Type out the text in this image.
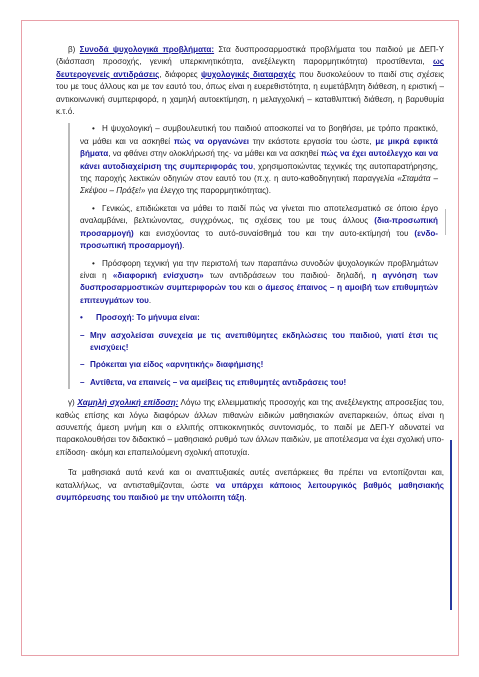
β) Συνοδά ψυχολογικά προβλήματα: Στα δυσπροσαρμοστικά προβλήματα του παιδιού με ΔΕΠ-Υ (διάσπαση προσοχής, γενική υπερκινητικότητα, ανεξέλεγκτη παρορμητικότητα) προστίθενται, ως δευτερογενείς αντιδράσεις, διάφορες ψυχολογικές διαταραχές που δυσκολεύουν το παιδί στις σχέσεις του με τους άλλους και με τον εαυτό του, όπως είναι η ευερεθιστότητα, η ευμετάβλητη διάθεση, η εριστική – αντικοινωνική συμπεριφορά, η χαμηλή αυτοεκτίμηση, η μελαγχολική – καταθλιπτική διάθεση, η βαρυθυμία κ.τ.ό.

• Η ψυχολογική – συμβουλευτική του παιδιού αποσκοπεί να το βοηθήσει, με τρόπο πρακτικό, να μάθει και να ασκηθεί πώς να οργανώνει την εκάστοτε εργασία του ώστε, με μικρά εφικτά βήματα, να φθάνει στην ολοκλήρωσή της· να μάθει και να ασκηθεί πώς να έχει αυτοέλεγχο και να κάνει αυτοδιαχείριση της συμπεριφοράς του, χρησιμοποιώντας τεχνικές της αυτοπαρατήρησης, της παροχής λεκτικών οδηγιών στον εαυτό του (π.χ. η αυτο-καθοδηγητική παραγγελία «Σταμάτα – Σκέψου – Πράξε!» για έλεγχο της παρορμητικότητας).

• Γενικώς, επιδιώκεται να μάθει το παιδί πώς να γίνεται πιο αποτελεσματικό σε όποιο έργο αναλαμβάνει, βελτιώνοντας, συγχρόνως, τις σχέσεις του με τους άλλους (δια-προσωπική προσαρμογή) και ενισχύοντας το αυτό-συναίσθημά του και την αυτο-εκτίμησή του (ενδο-προσωπική προσαρμογή).

• Πρόσφορη τεχνική για την περιστολή των παραπάνω συνοδών ψυχολογικών προβλημάτων είναι η «διαφορική ενίσχυση» των αντιδράσεων του παιδιού· δηλαδή, η αγνόηση των δυσπροσαρμοστικών συμπεριφορών του και ο άμεσος έπαινος – η αμοιβή των επιθυμητών επιτευγμάτων του.

• Προσοχή: Το μήνυμα είναι:
– Μην ασχολείσαι συνεχεία με τις ανεπιθύμητες εκδηλώσεις του παιδιού, γιατί έτσι τις ενισχύεις!
– Πρόκειται για είδος «αρνητικής» διαφήμισης!
– Αντίθετα, να επαινείς – να αμείβεις τις επιθυμητές αντιδράσεις του!

γ) Χαμηλή σχολική επίδοση: Λόγω της ελλειμματικής προσοχής και της ανεξέλεγκτης απροσεξίας του, καθώς επίσης και λόγω διαφόρων άλλων πιθανών ειδικών μαθησιακών ανεπαρκειών, όπως είναι η ασυνεπής άμεση μνήμη και ο ελλιπής οπτικοκινητικός συντονισμός, το παιδί με ΔΕΠ-Υ αδυνατεί να παρακολουθήσει τον διδακτικό – μαθησιακό ρυθμό των άλλων παιδιών, με αποτέλεσμα να έχει σχολική υπο-επίδοση· ακόμη και επαπειλούμενη σχολική αποτυχία.

Τα μαθησιακά αυτά κενά και οι αναπτυξιακές αυτές ανεπάρκειες θα πρέπει να εντοπίζονται και, καταλλήλως, να αντισταθμίζονται, ώστε να υπάρχει κάποιος λειτουργικός βαθμός μαθησιακής συμπόρευσης του παιδιού με την υπόλοιπη τάξη.
